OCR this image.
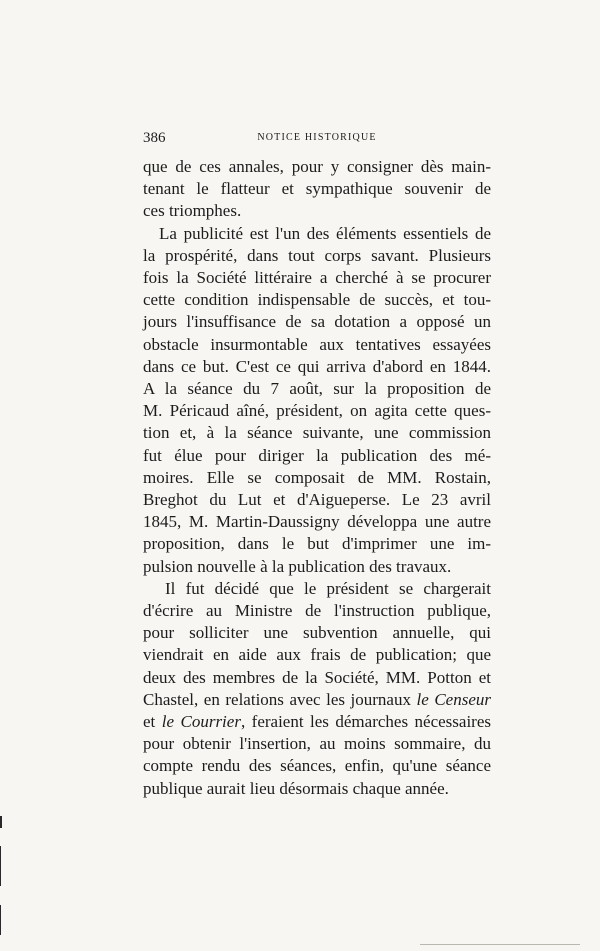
386	NOTICE HISTORIQUE

que de ces annales, pour y consigner dès main-
tenant le flatteur et sympathique souvenir de
ces triomphes.

La publicité est l'un des éléments essentiels de
la prospérité, dans tout corps savant. Plusieurs
fois la Société littéraire a cherché à se procurer
cette condition indispensable de succès, et tou-
jours l'insuffisance de sa dotation a opposé un
obstacle insurmontable aux tentatives essayées
dans ce but. C'est ce qui arriva d'abord en 1844.
A la séance du 7 août, sur la proposition de
M. Péricaud aîné, président, on agita cette ques-
tion et, à la séance suivante, une commission
fut élue pour diriger la publication des mé-
moires. Elle se composait de MM. Rostain,
Breghot du Lut et d'Aigueperse. Le 23 avril
1845, M. Martin-Daussigny développa une autre
proposition, dans le but d'imprimer une im-
pulsion nouvelle à la publication des travaux.

Il fut décidé que le président se chargerait
d'écrire au Ministre de l'instruction publique,
pour solliciter une subvention annuelle, qui
viendrait en aide aux frais de publication; que
deux des membres de la Société, MM. Potton et
Chastel, en relations avec les journaux le Censeur
et le Courrier, feraient les démarches nécessaires
pour obtenir l'insertion, au moins sommaire, du
compte rendu des séances, enfin, qu'une séance
publique aurait lieu désormais chaque année.
